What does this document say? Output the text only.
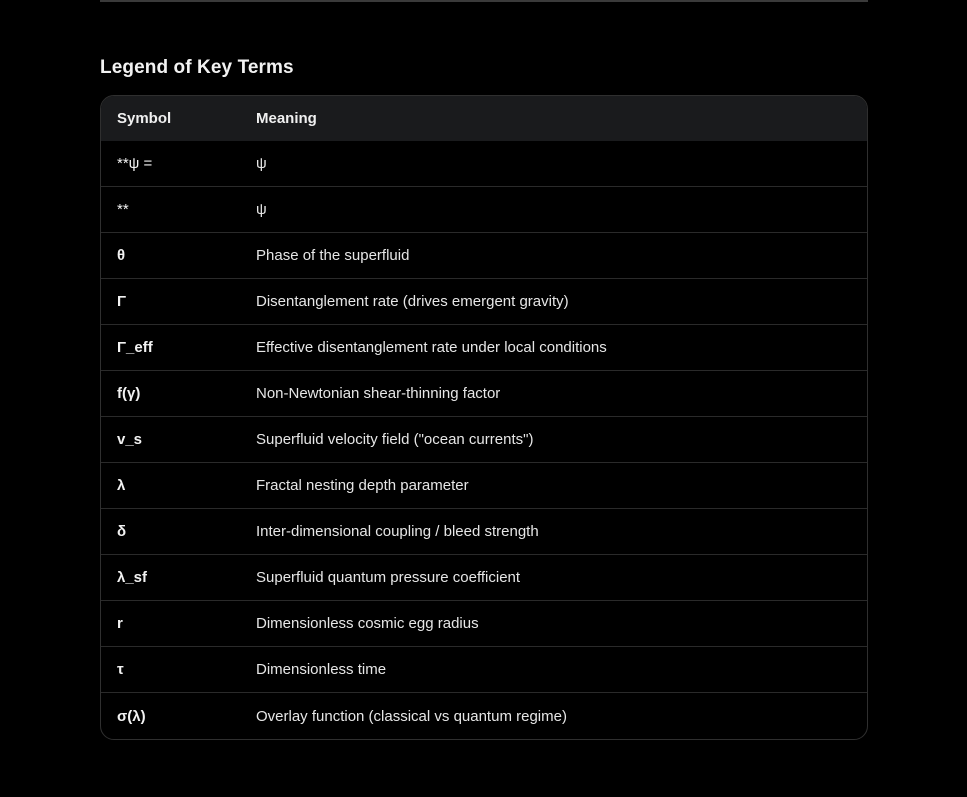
Legend of Key Terms
Symbol	Meaning
**ψ =	ψ
**	ψ
θ	Phase of the superfluid
Γ	Disentanglement rate (drives emergent gravity)
Γ_eff	Effective disentanglement rate under local conditions
f(γ)	Non-Newtonian shear-thinning factor
v_s	Superfluid velocity field ("ocean currents")
λ	Fractal nesting depth parameter
δ	Inter-dimensional coupling / bleed strength
λ_sf	Superfluid quantum pressure coefficient
r	Dimensionless cosmic egg radius
τ	Dimensionless time
σ(λ)	Overlay function (classical vs quantum regime)
